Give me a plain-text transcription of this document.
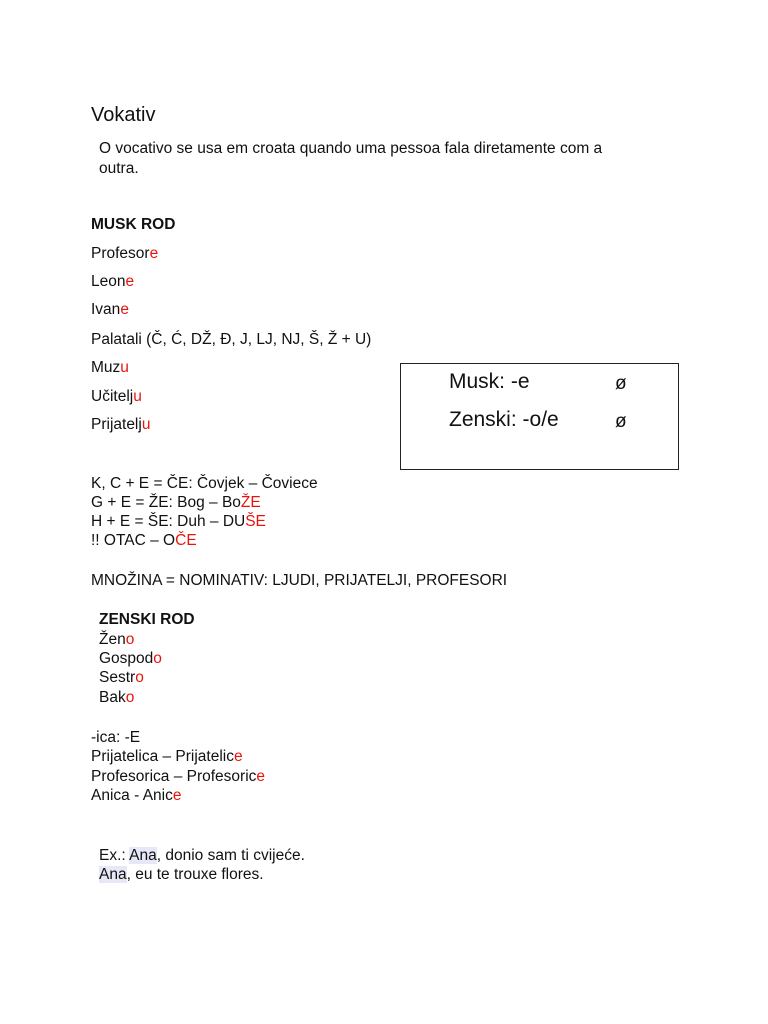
Vokativ
O vocativo se usa em croata quando uma pessoa fala diretamente com a
outra.
MUSK ROD
Profesore
Leone
Ivane
Palatali (Č, Ć, DŽ, Đ, J, LJ, NJ, Š, Ž + U)
Muzu
Učitelju
Prijatelju
Musk: -e	ø
Zenski: -o/e	ø
K, C + E = ČE: Čovjek – Čoviece
G + E = ŽE: Bog – BoŽE
H + E = ŠE: Duh – DUŠE
!! OTAC – OČE
MNOŽINA = NOMINATIV: LJUDI, PRIJATELJI, PROFESORI
ZENSKI ROD
Ženo
Gospodo
Sestro
Bako
-ica: -E
Prijatelica – Prijatelice
Profesorica – Profesorice
Anica - Anice
Ex.: Ana, donio sam ti cvijeće.
Ana, eu te trouxe flores.
